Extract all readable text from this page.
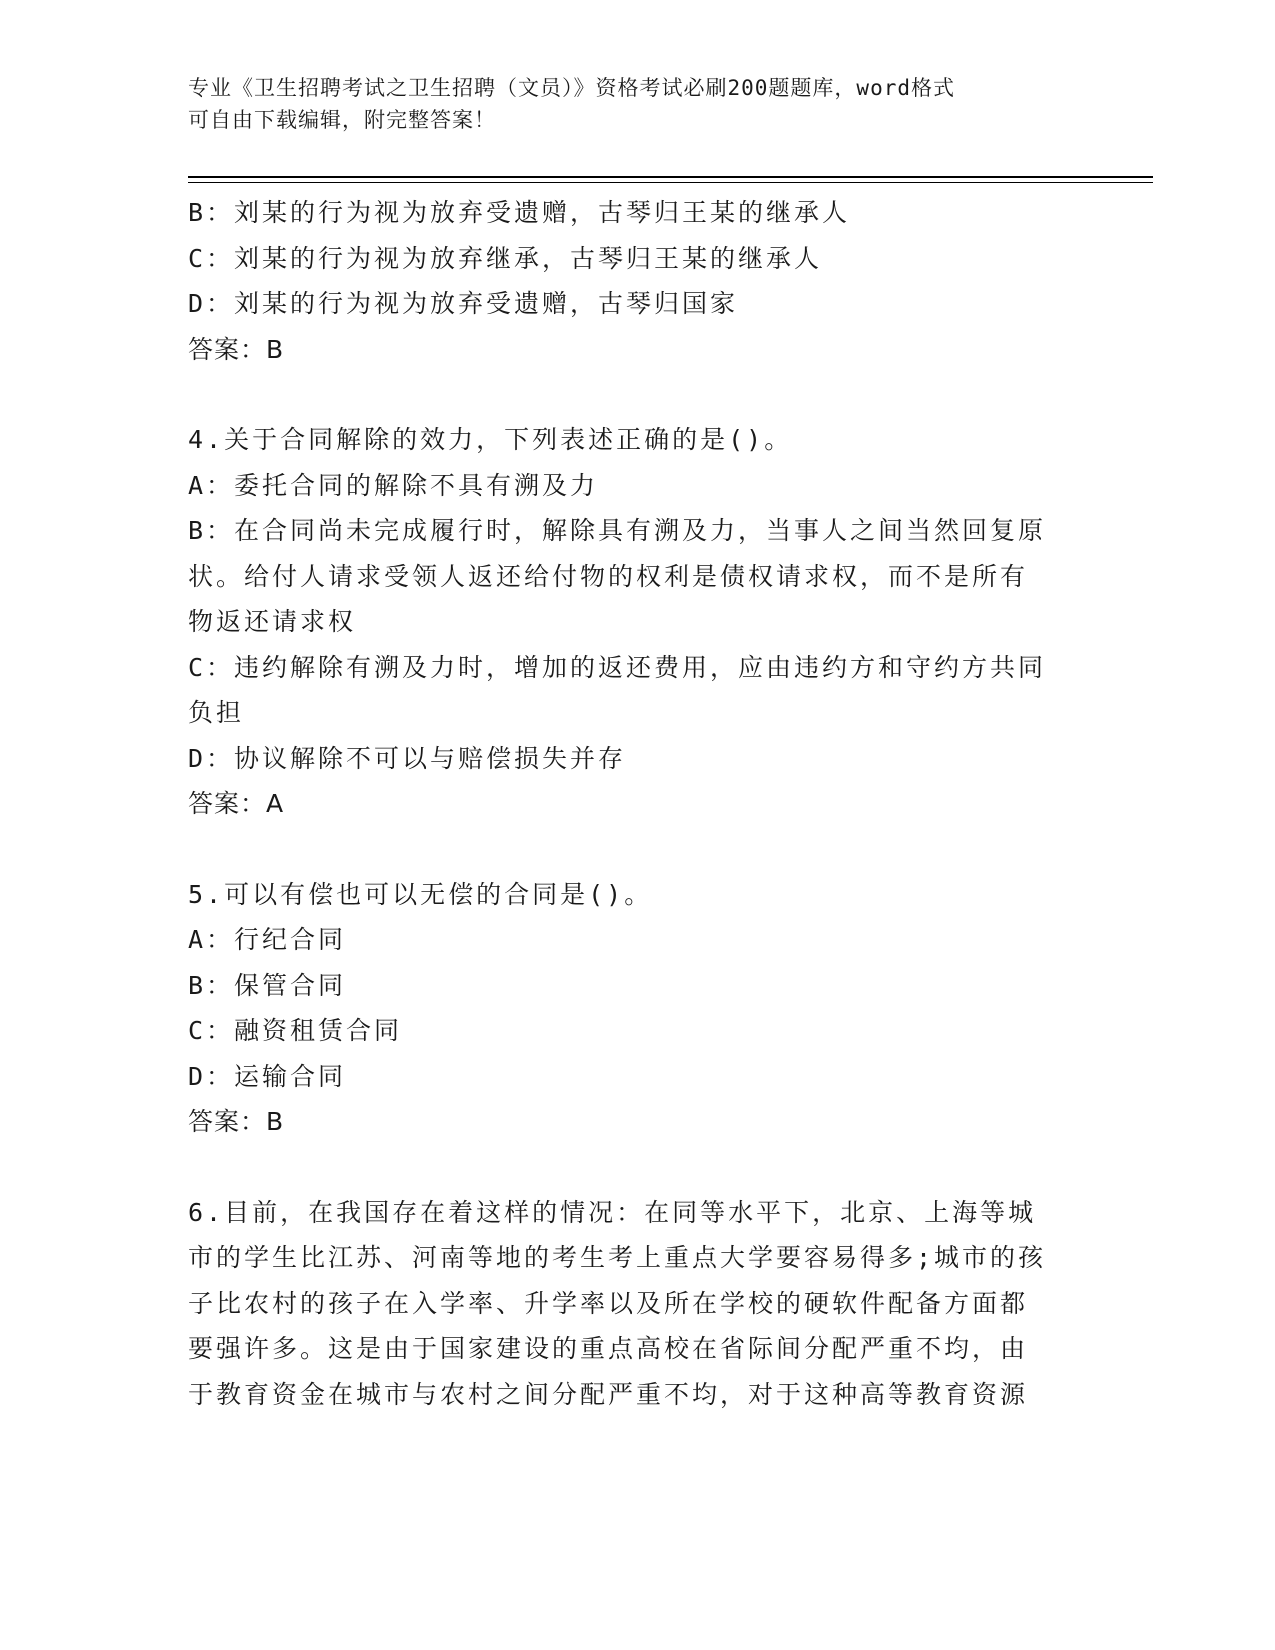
专业《卫生招聘考试之卫生招聘（文员）》资格考试必刷200题题库，word格式
可自由下载编辑，附完整答案！

B：刘某的行为视为放弃受遗赠，古琴归王某的继承人

C：刘某的行为视为放弃继承，古琴归王某的继承人

D：刘某的行为视为放弃受遗赠，古琴归国家

答案：B

4.关于合同解除的效力，下列表述正确的是()。

A：委托合同的解除不具有溯及力

B：在合同尚未完成履行时，解除具有溯及力，当事人之间当然回复原

状。给付人请求受领人返还给付物的权利是债权请求权，而不是所有

物返还请求权

C：违约解除有溯及力时，增加的返还费用，应由违约方和守约方共同

负担

D：协议解除不可以与赔偿损失并存

答案：A

5.可以有偿也可以无偿的合同是()。

A：行纪合同

B：保管合同

C：融资租赁合同

D：运输合同

答案：B

6.目前，在我国存在着这样的情况：在同等水平下，北京、上海等城

市的学生比江苏、河南等地的考生考上重点大学要容易得多;城市的孩

子比农村的孩子在入学率、升学率以及所在学校的硬软件配备方面都

要强许多。这是由于国家建设的重点高校在省际间分配严重不均，由

于教育资金在城市与农村之间分配严重不均，对于这种高等教育资源
